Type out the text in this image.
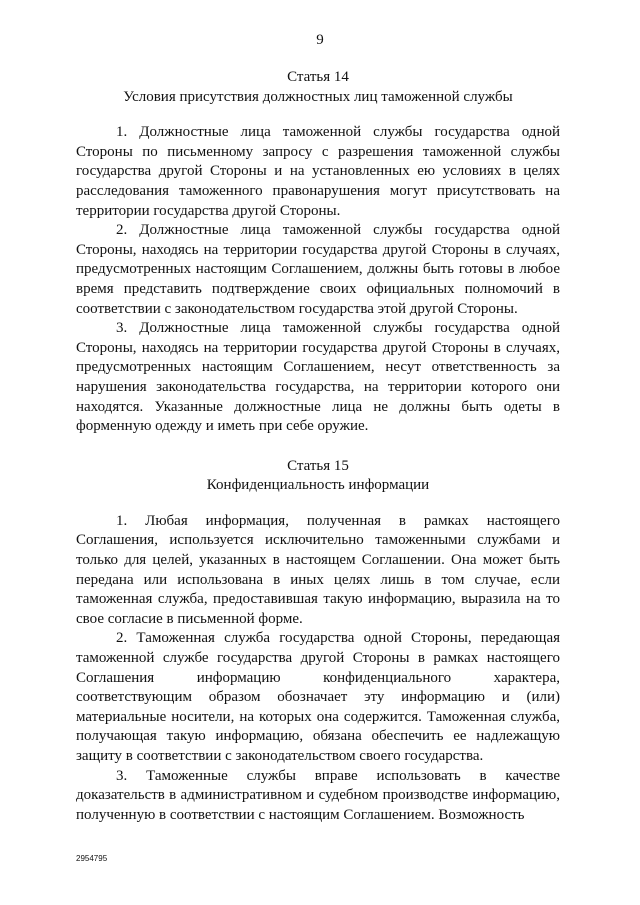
9
Статья 14
Условия присутствия должностных лиц таможенной службы

1. Должностные лица таможенной службы государства одной Стороны по письменному запросу с разрешения таможенной службы государства другой Стороны и на установленных ею условиях в целях расследования таможенного правонарушения могут присутствовать на территории государства другой Стороны.

2. Должностные лица таможенной службы государства одной Стороны, находясь на территории государства другой Стороны в случаях, предусмотренных настоящим Соглашением, должны быть готовы в любое время представить подтверждение своих официальных полномочий в соответствии с законодательством государства этой другой Стороны.

3. Должностные лица таможенной службы государства одной Стороны, находясь на территории государства другой Стороны в случаях, предусмотренных настоящим Соглашением, несут ответственность за нарушения законодательства государства, на территории которого они находятся. Указанные должностные лица не должны быть одеты в форменную одежду и иметь при себе оружие.

Статья 15
Конфиденциальность информации

1. Любая информация, полученная в рамках настоящего Соглашения, используется исключительно таможенными службами и только для целей, указанных в настоящем Соглашении. Она может быть передана или использована в иных целях лишь в том случае, если таможенная служба, предоставившая такую информацию, выразила на то свое согласие в письменной форме.

2. Таможенная служба государства одной Стороны, передающая таможенной службе государства другой Стороны в рамках настоящего Соглашения информацию конфиденциального характера, соответствующим образом обозначает эту информацию и (или) материальные носители, на которых она содержится. Таможенная служба, получающая такую информацию, обязана обеспечить ее надлежащую защиту в соответствии с законодательством своего государства.

3. Таможенные службы вправе использовать в качестве доказательств в административном и судебном производстве информацию, полученную в соответствии с настоящим Соглашением. Возможность

2954795
